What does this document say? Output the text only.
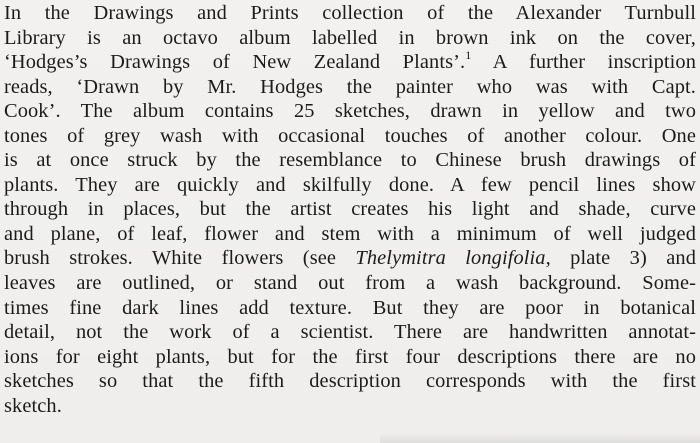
In the Drawings and Prints collection of the Alexander Turnbull
Library is an octavo album labelled in brown ink on the cover,
‘Hodges’s Drawings of New Zealand Plants’.$^1$ A further inscription
reads, ‘Drawn by Mr. Hodges the painter who was with Capt.
Cook’. The album contains 25 sketches, drawn in yellow and two
tones of grey wash with occasional touches of another colour. One
is at once struck by the resemblance to Chinese brush drawings of
plants. They are quickly and skilfully done. A few pencil lines show
through in places, but the artist creates his light and shade, curve
and plane, of leaf, flower and stem with a minimum of well judged
brush strokes. White flowers (see Thelymitra longifolia, plate 3) and
leaves are outlined, or stand out from a wash background. Some-
times fine dark lines add texture. But they are poor in botanical
detail, not the work of a scientist. There are handwritten annotat-
ions for eight plants, but for the first four descriptions there are no
sketches so that the fifth description corresponds with the first
sketch.
